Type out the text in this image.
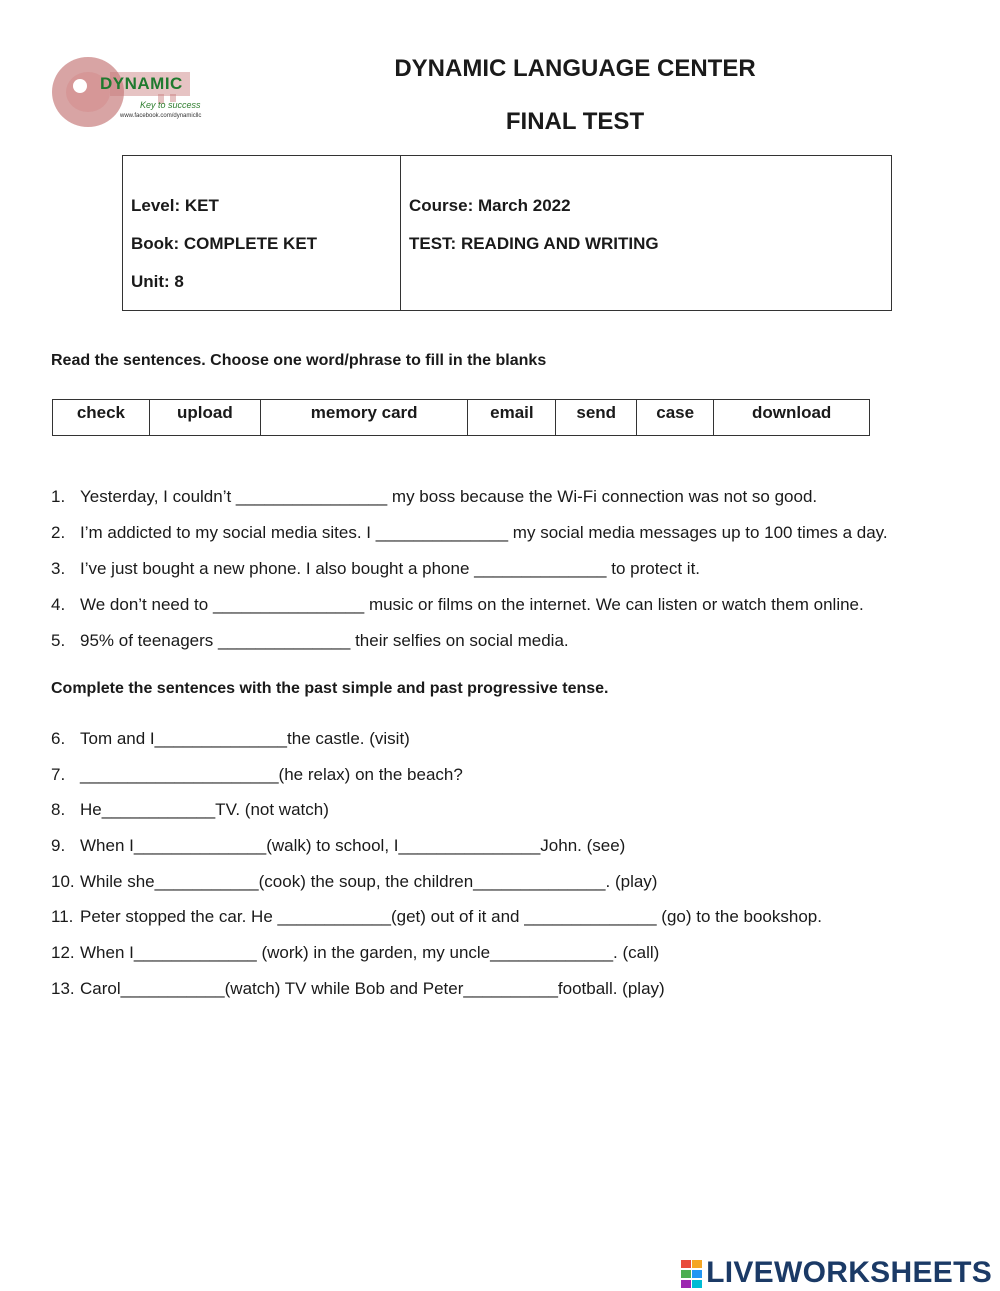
DYNAMIC
Key to success
www.facebook.com/dynamicllc
DYNAMIC LANGUAGE CENTER
FINAL TEST
Level: KET
Book: COMPLETE KET
Unit: 8

Course: March 2022
TEST: READING AND WRITING
Read the sentences. Choose one word/phrase to fill in the blanks
check	upload	memory card	email	send	case	download
1. Yesterday, I couldn’t ________________ my boss because the Wi-Fi connection was not so good.
2. I’m addicted to my social media sites. I ______________ my social media messages up to 100 times a day.
3. I’ve just bought a new phone. I also bought a phone ______________ to protect it.
4. We don’t need to ________________ music or films on the internet. We can listen or watch them online.
5. 95% of teenagers ______________ their selfies on social media.
Complete the sentences with the past simple and past progressive tense.
6. Tom and I______________the castle. (visit)
7. _____________________(he relax) on the beach?
8. He____________TV. (not watch)
9. When I______________(walk) to school, I_______________John. (see)
10. While she___________(cook) the soup, the children______________. (play)
11. Peter stopped the car. He ____________(get) out of it and ______________ (go) to the bookshop.
12. When I_____________ (work) in the garden, my uncle_____________. (call)
13. Carol___________(watch) TV while Bob and Peter__________football. (play)
LIVEWORKSHEETS
